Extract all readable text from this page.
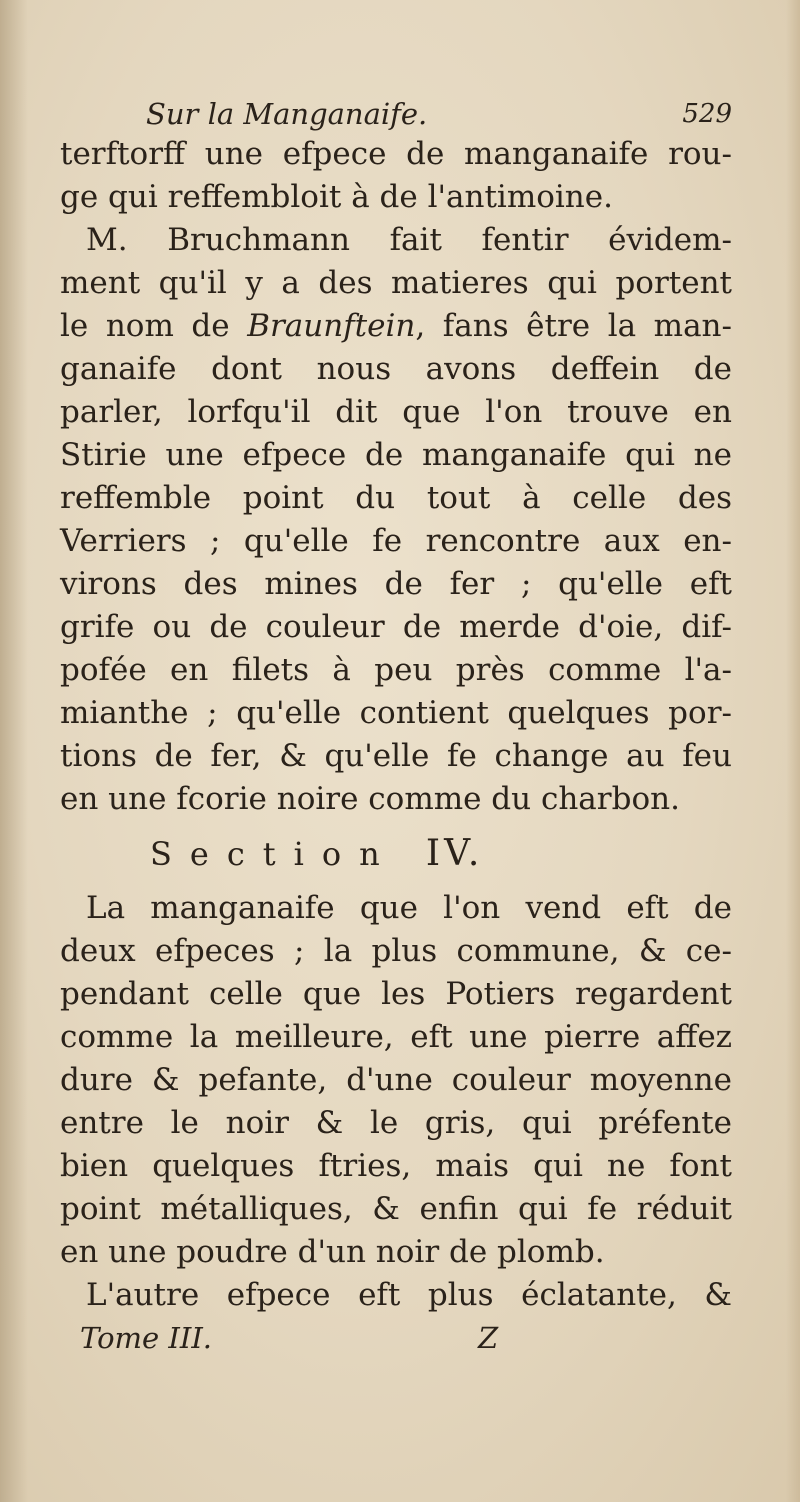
Sur la Manganaife.	529
terftorff une efpece de manganaife rou-
ge qui reffembloit à de l'antimoine.
M. Bruchmann fait fentir évidem-
ment qu'il y a des matieres qui portent
le nom de Braunftein, fans être la man-
ganaife dont nous avons deffein de
parler, lorfqu'il dit que l'on trouve en
Stirie une efpece de manganaife qui ne
reffemble point du tout à celle des
Verriers ; qu'elle fe rencontre aux en-
virons des mines de fer ; qu'elle eft
grife ou de couleur de merde d'oie, dif-
pofée en filets à peu près comme l'a-
mianthe ; qu'elle contient quelques por-
tions de fer, & qu'elle fe change au feu
en une fcorie noire comme du charbon.
Section IV.
La manganaife que l'on vend eft de
deux efpeces ; la plus commune, & ce-
pendant celle que les Potiers regardent
comme la meilleure, eft une pierre affez
dure & pefante, d'une couleur moyenne
entre le noir & le gris, qui préfente
bien quelques ftries, mais qui ne font
point métalliques, & enfin qui fe réduit
en une poudre d'un noir de plomb.
L'autre efpece eft plus éclatante, &
Tome III.	Z
